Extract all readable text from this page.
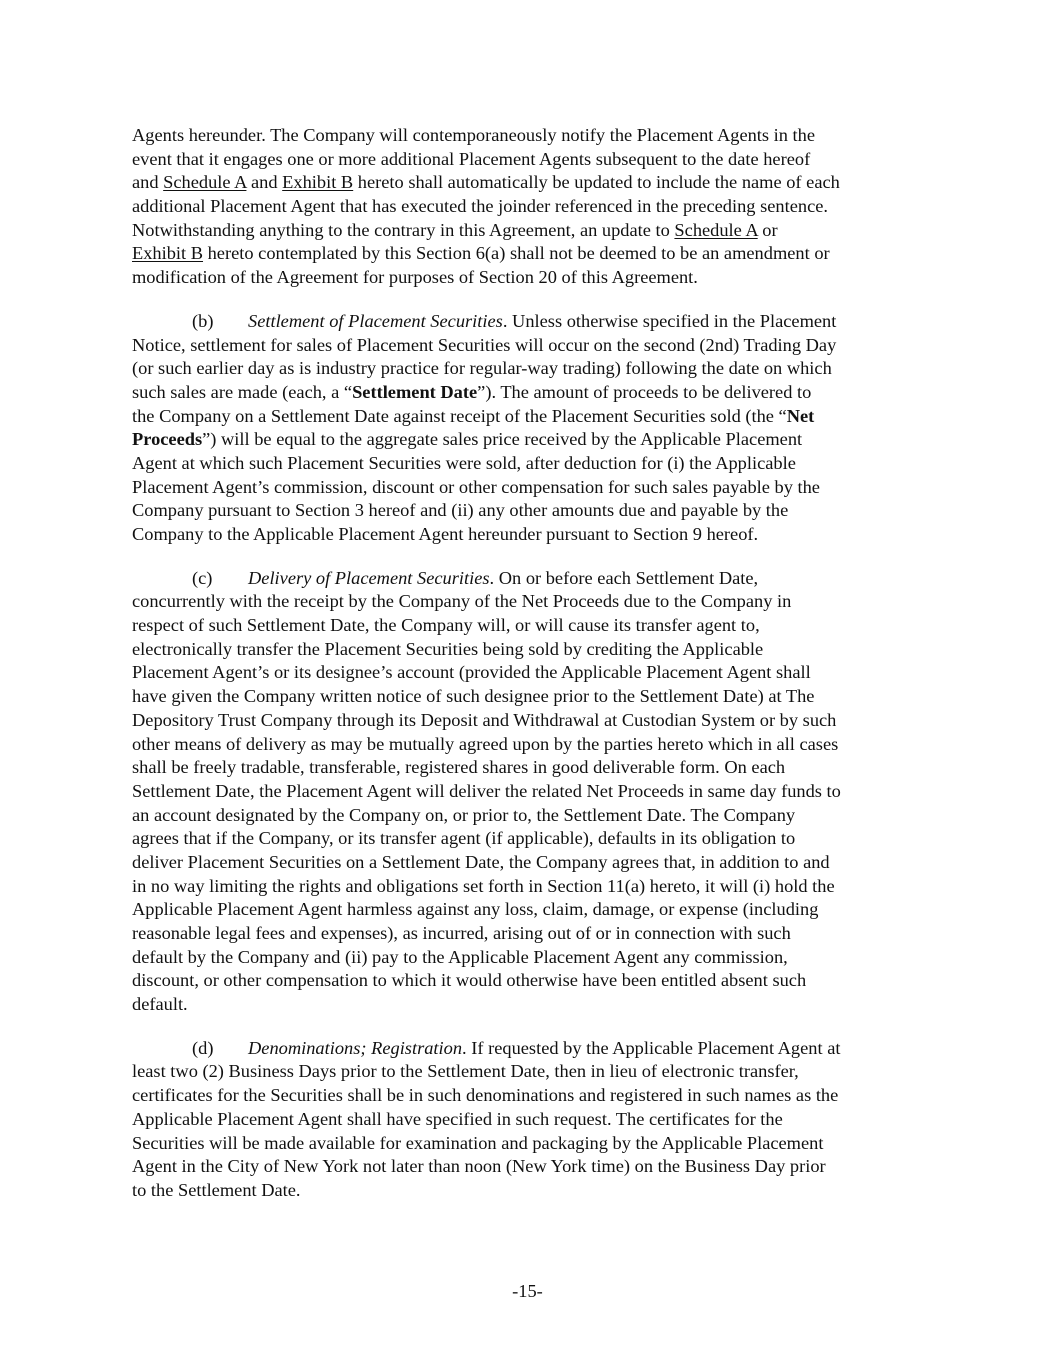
Agents hereunder. The Company will contemporaneously notify the Placement Agents in the
event that it engages one or more additional Placement Agents subsequent to the date hereof
and Schedule A and Exhibit B hereto shall automatically be updated to include the name of each
additional Placement Agent that has executed the joinder referenced in the preceding sentence.
Notwithstanding anything to the contrary in this Agreement, an update to Schedule A or
Exhibit B hereto contemplated by this Section 6(a) shall not be deemed to be an amendment or
modification of the Agreement for purposes of Section 20 of this Agreement.
(b) Settlement of Placement Securities. Unless otherwise specified in the Placement
Notice, settlement for sales of Placement Securities will occur on the second (2nd) Trading Day
(or such earlier day as is industry practice for regular-way trading) following the date on which
such sales are made (each, a “Settlement Date”). The amount of proceeds to be delivered to
the Company on a Settlement Date against receipt of the Placement Securities sold (the “Net
Proceeds”) will be equal to the aggregate sales price received by the Applicable Placement
Agent at which such Placement Securities were sold, after deduction for (i) the Applicable
Placement Agent’s commission, discount or other compensation for such sales payable by the
Company pursuant to Section 3 hereof and (ii) any other amounts due and payable by the
Company to the Applicable Placement Agent hereunder pursuant to Section 9 hereof.
(c) Delivery of Placement Securities. On or before each Settlement Date,
concurrently with the receipt by the Company of the Net Proceeds due to the Company in
respect of such Settlement Date, the Company will, or will cause its transfer agent to,
electronically transfer the Placement Securities being sold by crediting the Applicable
Placement Agent’s or its designee’s account (provided the Applicable Placement Agent shall
have given the Company written notice of such designee prior to the Settlement Date) at The
Depository Trust Company through its Deposit and Withdrawal at Custodian System or by such
other means of delivery as may be mutually agreed upon by the parties hereto which in all cases
shall be freely tradable, transferable, registered shares in good deliverable form. On each
Settlement Date, the Placement Agent will deliver the related Net Proceeds in same day funds to
an account designated by the Company on, or prior to, the Settlement Date. The Company
agrees that if the Company, or its transfer agent (if applicable), defaults in its obligation to
deliver Placement Securities on a Settlement Date, the Company agrees that, in addition to and
in no way limiting the rights and obligations set forth in Section 11(a) hereto, it will (i) hold the
Applicable Placement Agent harmless against any loss, claim, damage, or expense (including
reasonable legal fees and expenses), as incurred, arising out of or in connection with such
default by the Company and (ii) pay to the Applicable Placement Agent any commission,
discount, or other compensation to which it would otherwise have been entitled absent such
default.
(d) Denominations; Registration. If requested by the Applicable Placement Agent at
least two (2) Business Days prior to the Settlement Date, then in lieu of electronic transfer,
certificates for the Securities shall be in such denominations and registered in such names as the
Applicable Placement Agent shall have specified in such request. The certificates for the
Securities will be made available for examination and packaging by the Applicable Placement
Agent in the City of New York not later than noon (New York time) on the Business Day prior
to the Settlement Date.
-15-
